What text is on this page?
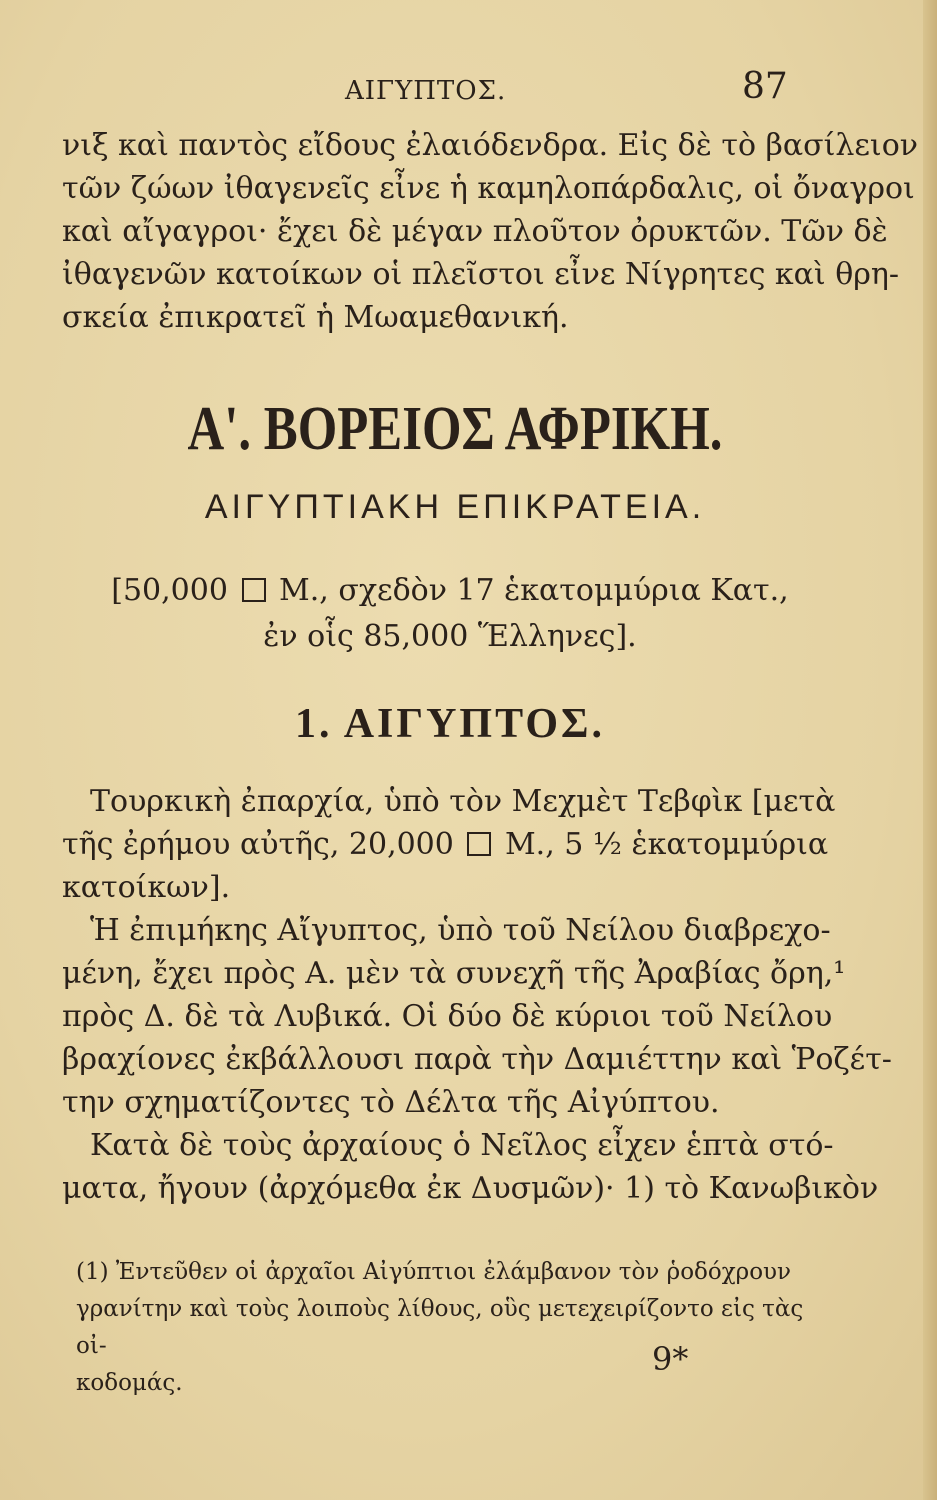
ΑΙΓΥΠΤΟΣ.	87
νιξ καὶ παντὸς εἴδους ἐλαιόδενδρα. Εἰς δὲ τὸ βασίλειον
τῶν ζώων ἰθαγενεῖς εἶνε ἡ καμηλοπάρδαλις, οἱ ὄναγροι
καὶ αἴγαγροι· ἔχει δὲ μέγαν πλοῦτον ὀρυκτῶν. Τῶν δὲ
ἰθαγενῶν κατοίκων οἱ πλεῖστοι εἶνε Νίγρητες καὶ θρη-
σκεία ἐπικρατεῖ ἡ Μωαμεθανική.
Α'. ΒΟΡΕΙΟΣ ΑΦΡΙΚΗ.
ΑΙΓΥΠΤΙΑΚΗ ΕΠΙΚΡΑΤΕΙΑ.
[50,000 Μ., σχεδὸν 17 ἑκατομμύρια Κατ.,
ἐν οἷς 85,000 Ἕλληνες].
1. ΑΙΓΥΠΤΟΣ.
Τουρκικὴ ἐπαρχία, ὑπὸ τὸν Μεχμὲτ Τεβφὶκ [μετὰ
τῆς ἐρήμου αὐτῆς, 20,000 Μ., 5 ½ ἑκατομμύρια
κατοίκων].
Ἡ ἐπιμήκης Αἴγυπτος, ὑπὸ τοῦ Νείλου διαβρεχο-
μένη, ἔχει πρὸς Α. μὲν τὰ συνεχῆ τῆς Ἀραβίας ὄρη,¹
πρὸς Δ. δὲ τὰ Λυβικά. Οἱ δύο δὲ κύριοι τοῦ Νείλου
βραχίονες ἐκβάλλουσι παρὰ τὴν Δαμιέττην καὶ Ῥοζέτ-
την σχηματίζοντες τὸ Δέλτα τῆς Αἰγύπτου.
Κατὰ δὲ τοὺς ἀρχαίους ὁ Νεῖλος εἶχεν ἑπτὰ στό-
ματα, ἤγουν (ἀρχόμεθα ἐκ Δυσμῶν)· 1) τὸ Κανωβικὸν
(1) Ἐντεῦθεν οἱ ἀρχαῖοι Αἰγύπτιοι ἐλάμβανον τὸν ῥοδόχρουν
γρανίτην καὶ τοὺς λοιποὺς λίθους, οὓς μετεχειρίζοντο εἰς τὰς οἰ-
κοδομάς.
9*
